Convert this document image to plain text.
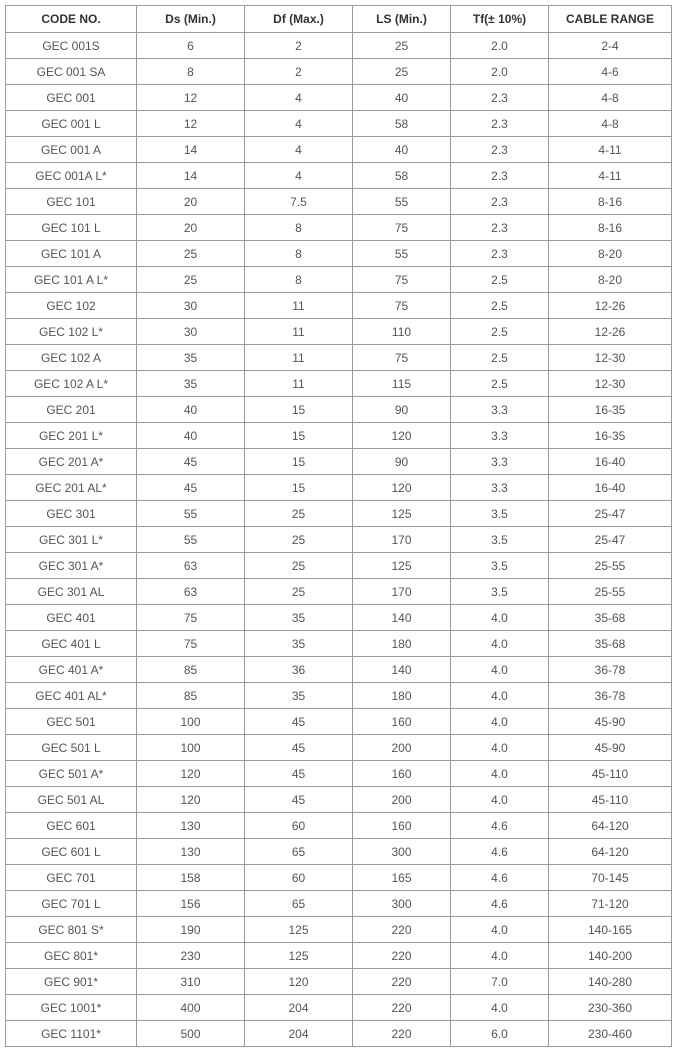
CODE NO.	Ds (Min.)	Df (Max.)	LS (Min.)	Tf(± 10%)	CABLE RANGE
GEC 001S	6	2	25	2.0	2-4
GEC 001 SA	8	2	25	2.0	4-6
GEC 001	12	4	40	2.3	4-8
GEC 001 L	12	4	58	2.3	4-8
GEC 001 A	14	4	40	2.3	4-11
GEC 001A L*	14	4	58	2.3	4-11
GEC 101	20	7.5	55	2.3	8-16
GEC 101 L	20	8	75	2.3	8-16
GEC 101 A	25	8	55	2.3	8-20
GEC 101 A L*	25	8	75	2.5	8-20
GEC 102	30	11	75	2.5	12-26
GEC 102 L*	30	11	110	2.5	12-26
GEC 102 A	35	11	75	2.5	12-30
GEC 102 A L*	35	11	115	2.5	12-30
GEC 201	40	15	90	3.3	16-35
GEC 201 L*	40	15	120	3.3	16-35
GEC 201 A*	45	15	90	3.3	16-40
GEC 201 AL*	45	15	120	3.3	16-40
GEC 301	55	25	125	3.5	25-47
GEC 301 L*	55	25	170	3.5	25-47
GEC 301 A*	63	25	125	3.5	25-55
GEC 301 AL	63	25	170	3.5	25-55
GEC 401	75	35	140	4.0	35-68
GEC 401 L	75	35	180	4.0	35-68
GEC 401 A*	85	36	140	4.0	36-78
GEC 401 AL*	85	35	180	4.0	36-78
GEC 501	100	45	160	4.0	45-90
GEC 501 L	100	45	200	4.0	45-90
GEC 501 A*	120	45	160	4.0	45-110
GEC 501 AL	120	45	200	4.0	45-110
GEC 601	130	60	160	4.6	64-120
GEC 601 L	130	65	300	4.6	64-120
GEC 701	158	60	165	4.6	70-145
GEC 701 L	156	65	300	4.6	71-120
GEC 801 S*	190	125	220	4.0	140-165
GEC 801*	230	125	220	4.0	140-200
GEC 901*	310	120	220	7.0	140-280
GEC 1001*	400	204	220	4.0	230-360
GEC 1101*	500	204	220	6.0	230-460
